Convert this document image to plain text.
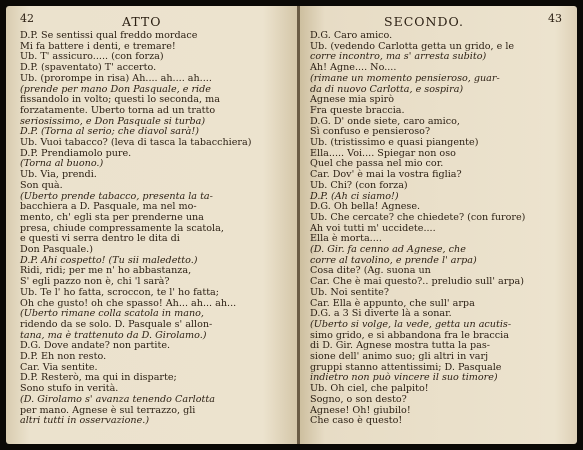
42	ATTO
D.P. Se sentissi qual freddo mordace
Mi fa battere i denti, e tremare!
Ub. T' assicuro..... (con forza)
D.P. (spaventato) T' accerto.
Ub. (prorompe in risa) Ah.... ah.... ah....
(prende per mano Don Pasquale, e ride
fissandolo in volto; questi lo seconda, ma
forzatamente. Uberto torna ad un tratto
seriosissimo, e Don Pasquale si turba)
D.P. (Torna al serio; che diavol sarà!)
Ub. Vuoi tabacco? (leva di tasca la tabacchiera)
D.P. Prendiamolo pure.
(Torna al buono.)
Ub. Via, prendi.
Son quà.
(Uberto prende tabacco, presenta la ta-
bacchiera a D. Pasquale, ma nel mo-
mento, ch' egli sta per prenderne una
presa, chiude compressamente la scatola,
e questi vi serra dentro le dita di
Don Pasquale.)
D.P. Ahi cospetto! (Tu sii maledetto.)
Ridi, ridi; per me n' ho abbastanza,
S' egli pazzo non è, chi 'l sarà?
Ub. Te l' ho fatta, scroccon, te l' ho fatta;
Oh che gusto! oh che spasso! Ah... ah... ah...
(Uberto rimane colla scatola in mano,
ridendo da se solo. D. Pasquale s' allon-
tana, ma è trattenuto da D. Girolamo.)
D.G. Dove andate? non partite.
D.P. Eh non resto.
Car. Via sentite.
D.P. Resterò, ma qui in disparte;
Sono stufo in verità.
(D. Girolamo s' avanza tenendo Carlotta
per mano. Agnese è sul terrazzo, gli
altri tutti in osservazione.)
SECONDO.	43
D.G. Caro amico.
Ub. (vedendo Carlotta getta un grido, e le
corre incontro, ma s' arresta subito)
Ah! Agne.... No....
(rimane un momento pensieroso, guar-
da di nuovo Carlotta, e sospira)
Agnese mia spirò
Fra queste braccia.
D.G. D' onde siete, caro amico,
Sì confuso e pensieroso?
Ub. (tristissimo e quasi piangente)
Ella..... Voi.... Spiegar non oso
Quel che passa nel mio cor.
Car. Dov' è mai la vostra figlia?
Ub. Chi? (con forza)
D.P. (Ah ci siamo!)
D.G. Oh bella! Agnese.
Ub. Che cercate? che chiedete? (con furore)
Ah voi tutti m' uccidete....
Ella è morta....
(D. Gir. fa cenno ad Agnese, che
corre al tavolino, e prende l' arpa)
Cosa dite? (Ag. suona un
Car. Che è mai questo?.. preludio sull' arpa)
Ub. Noi sentite?
Car. Ella è appunto, che sull' arpa
D.G. a 3 Si diverte là a sonar.
(Uberto si volge, la vede, getta un acutis-
simo grido, e si abbandona fra le braccia
di D. Gir. Agnese mostra tutta la pas-
sione dell' animo suo; gli altri in varj
gruppi stanno attentissimi; D. Pasquale
indietro non può vincere il suo timore)
Ub. Oh ciel, che palpito!
Sogno, o son desto?
Agnese! Oh! giubilo!
Che caso è questo!
